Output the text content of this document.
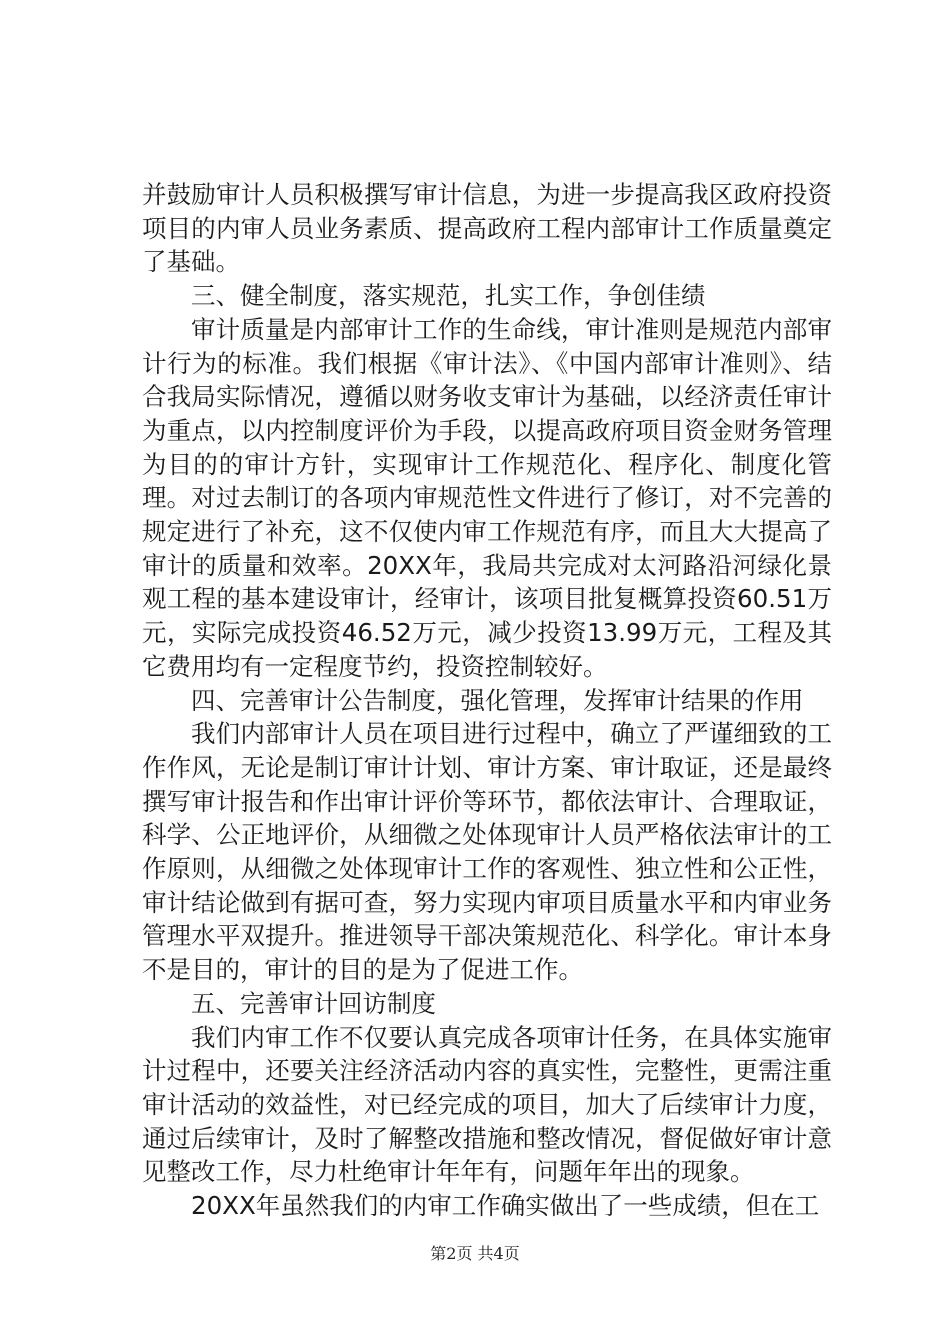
并鼓励审计人员积极撰写审计信息，为进一步提高我区政府投资项目的内审人员业务素质、提高政府工程内部审计工作质量奠定了基础。

三、健全制度，落实规范，扎实工作，争创佳绩

审计质量是内部审计工作的生命线，审计准则是规范内部审计行为的标准。我们根据《审计法》、《中国内部审计准则》、结合我局实际情况，遵循以财务收支审计为基础，以经济责任审计为重点，以内控制度评价为手段，以提高政府项目资金财务管理为目的的审计方针，实现审计工作规范化、程序化、制度化管理。对过去制订的各项内审规范性文件进行了修订，对不完善的规定进行了补充，这不仅使内审工作规范有序，而且大大提高了审计的质量和效率。20XX年，我局共完成对太河路沿河绿化景观工程的基本建设审计，经审计，该项目批复概算投资60.51万元，实际完成投资46.52万元，减少投资13.99万元，工程及其它费用均有一定程度节约，投资控制较好。

四、完善审计公告制度，强化管理，发挥审计结果的作用

我们内部审计人员在项目进行过程中，确立了严谨细致的工作作风，无论是制订审计计划、审计方案、审计取证，还是最终撰写审计报告和作出审计评价等环节，都依法审计、合理取证，科学、公正地评价，从细微之处体现审计人员严格依法审计的工作原则，从细微之处体现审计工作的客观性、独立性和公正性，审计结论做到有据可查，努力实现内审项目质量水平和内审业务管理水平双提升。推进领导干部决策规范化、科学化。审计本身不是目的，审计的目的是为了促进工作。

五、完善审计回访制度

我们内审工作不仅要认真完成各项审计任务，在具体实施审计过程中，还要关注经济活动内容的真实性，完整性，更需注重审计活动的效益性，对已经完成的项目，加大了后续审计力度，通过后续审计，及时了解整改措施和整改情况，督促做好审计意见整改工作，尽力杜绝审计年年有，问题年年出的现象。

20XX年虽然我们的内审工作确实做出了一些成绩，但在工

第2页 共4页
